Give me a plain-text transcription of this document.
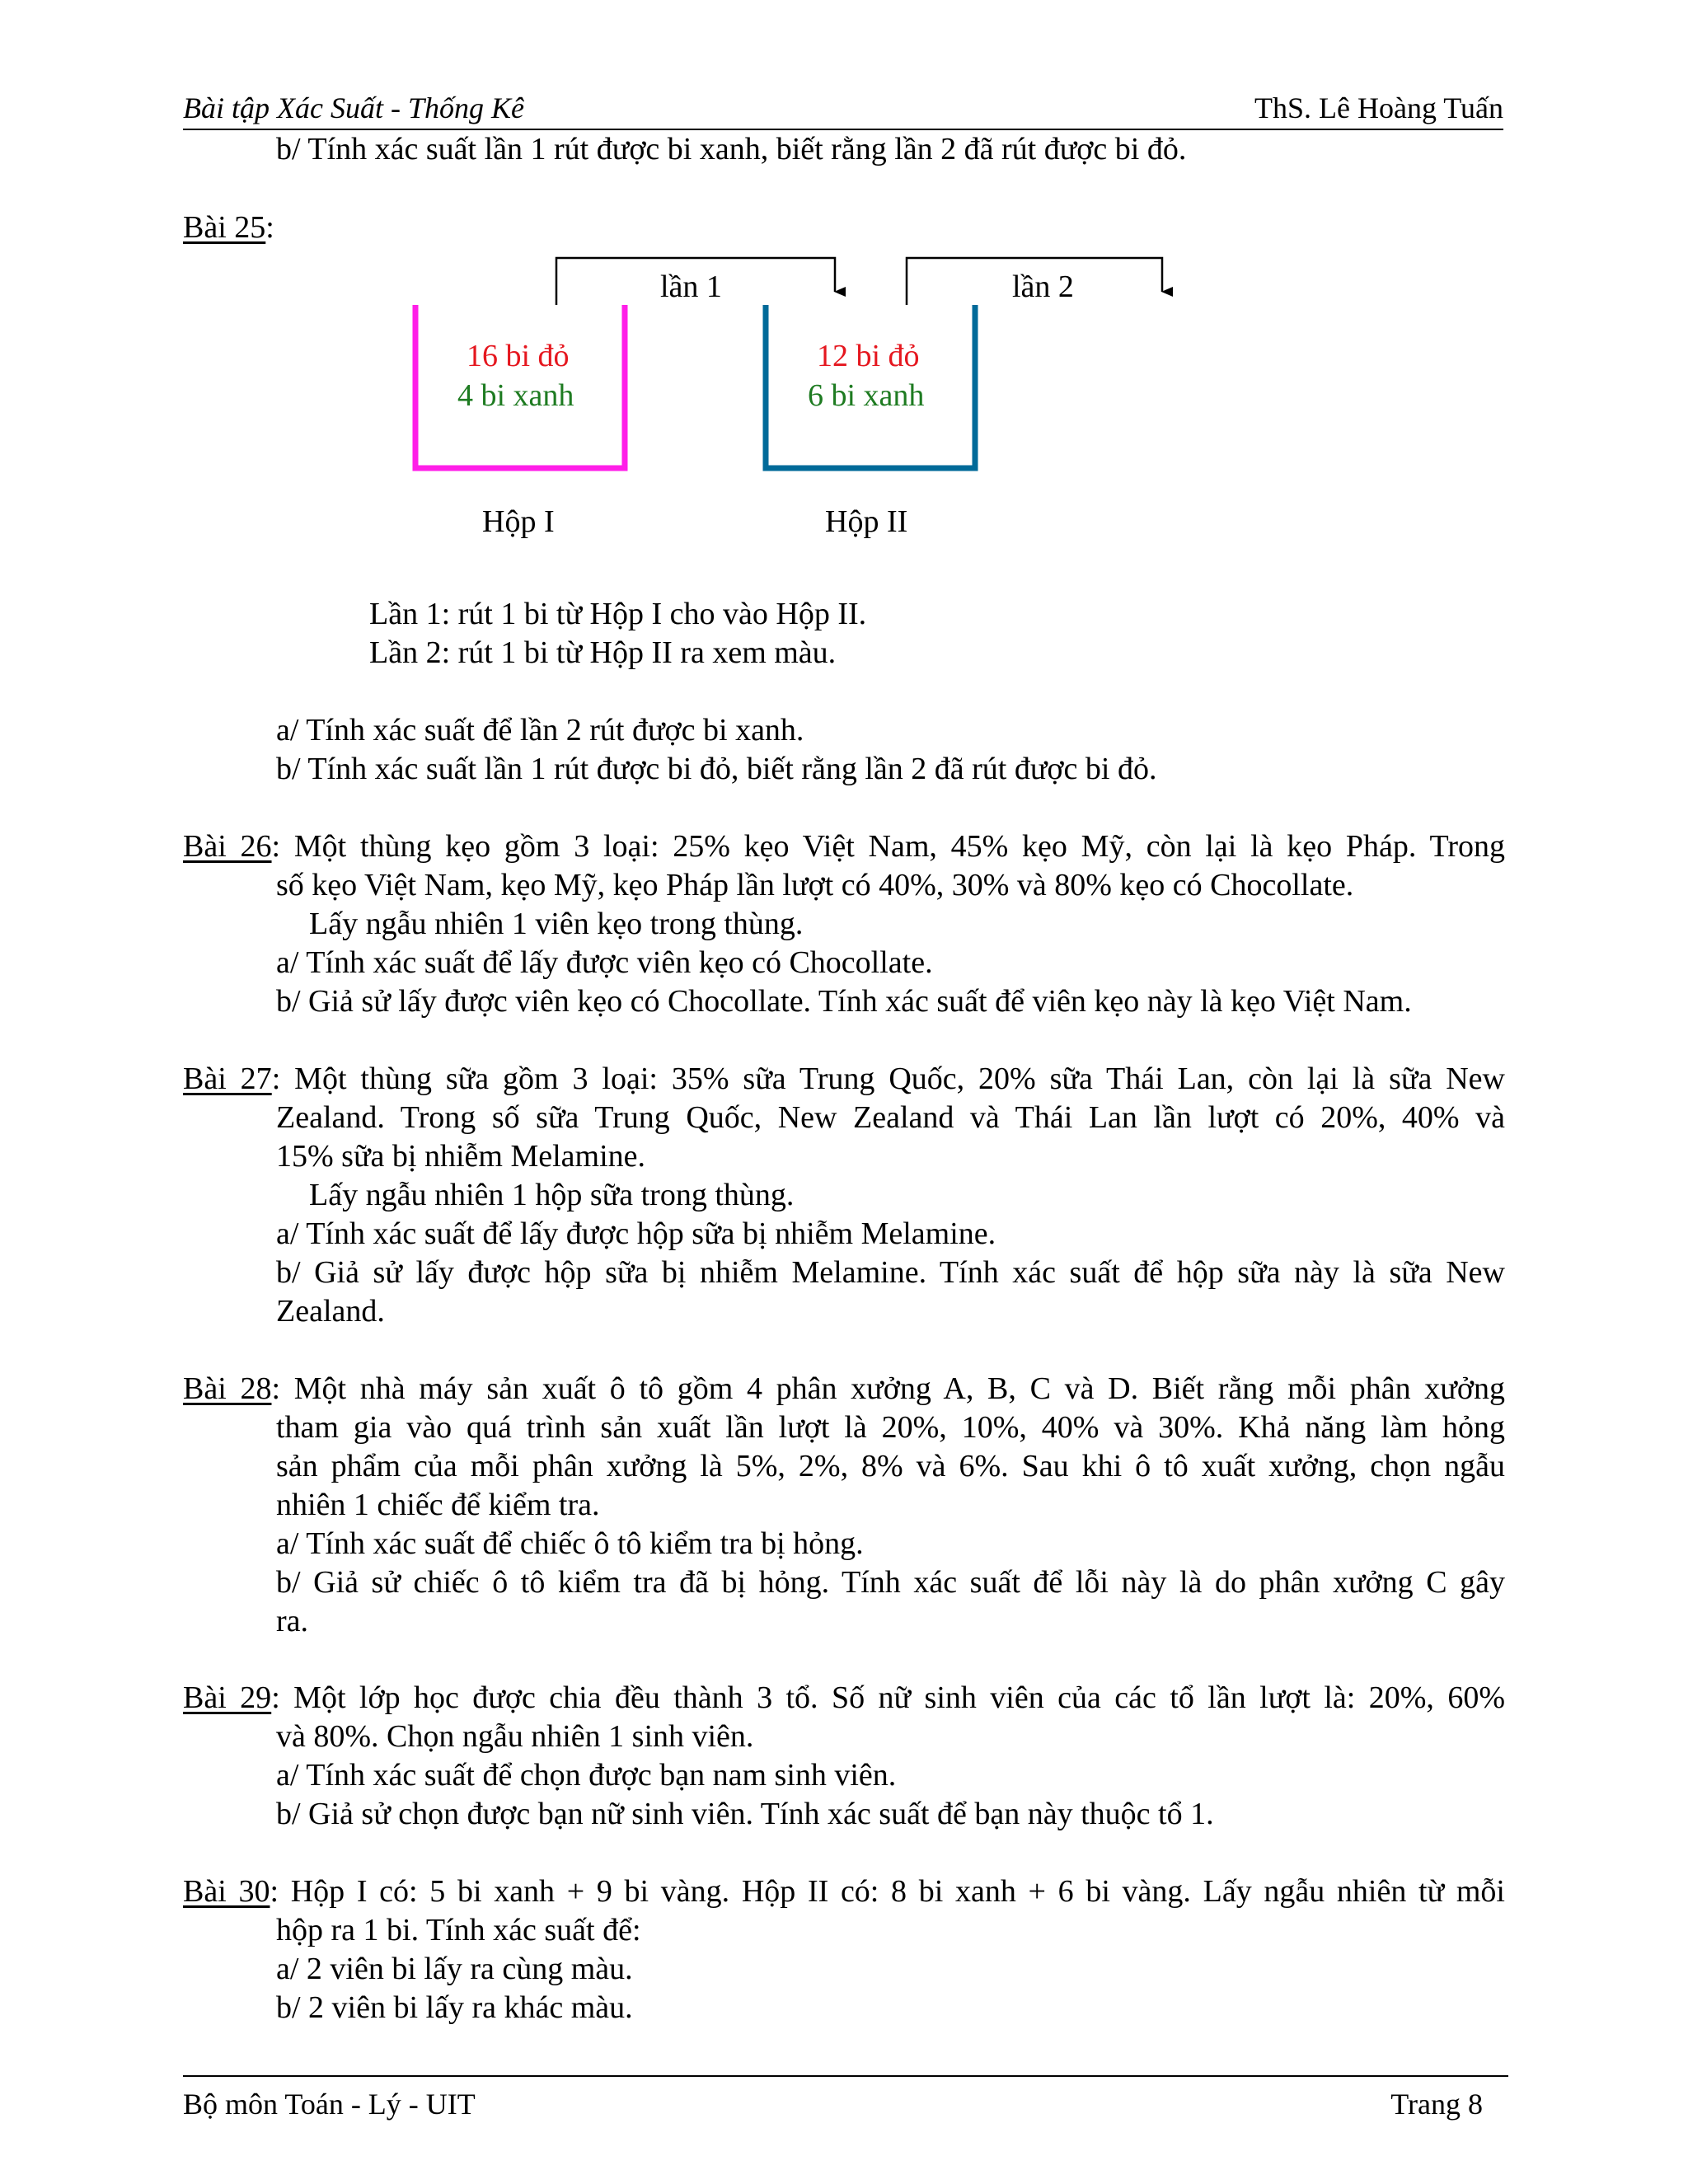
Bài tập Xác Suất - Thống Kê	ThS. Lê Hoàng Tuấn
b/ Tính xác suất lần 1 rút được bi xanh, biết rằng lần 2 đã rút được bi đỏ.
Bài 25:
lần 1	lần 2
16 bi đỏ
4 bi xanh
12 bi đỏ
6 bi xanh
Hộp I	Hộp II
Lần 1: rút 1 bi từ Hộp I cho vào Hộp II.
Lần 2: rút 1 bi từ Hộp II ra xem màu.
a/ Tính xác suất để lần 2 rút được bi xanh.
b/ Tính xác suất lần 1 rút được bi đỏ, biết rằng lần 2 đã rút được bi đỏ.
Bài 26: Một thùng kẹo gồm 3 loại: 25% kẹo Việt Nam, 45% kẹo Mỹ, còn lại là kẹo Pháp. Trong
số kẹo Việt Nam, kẹo Mỹ, kẹo Pháp lần lượt có 40%, 30% và 80% kẹo có Chocollate.
Lấy ngẫu nhiên 1 viên kẹo trong thùng.
a/ Tính xác suất để lấy được viên kẹo có Chocollate.
b/ Giả sử lấy được viên kẹo có Chocollate. Tính xác suất để viên kẹo này là kẹo Việt Nam.
Bài 27: Một thùng sữa gồm 3 loại: 35% sữa Trung Quốc, 20% sữa Thái Lan, còn lại là sữa New
Zealand. Trong số sữa Trung Quốc, New Zealand và Thái Lan lần lượt có 20%, 40% và
15% sữa bị nhiễm Melamine.
Lấy ngẫu nhiên 1 hộp sữa trong thùng.
a/ Tính xác suất để lấy được hộp sữa bị nhiễm Melamine.
b/ Giả sử lấy được hộp sữa bị nhiễm Melamine. Tính xác suất để hộp sữa này là sữa New
Zealand.
Bài 28: Một nhà máy sản xuất ô tô gồm 4 phân xưởng A, B, C và D. Biết rằng mỗi phân xưởng
tham gia vào quá trình sản xuất lần lượt là 20%, 10%, 40% và 30%. Khả năng làm hỏng
sản phẩm của mỗi phân xưởng là 5%, 2%, 8% và 6%. Sau khi ô tô xuất xưởng, chọn ngẫu
nhiên 1 chiếc để kiểm tra.
a/ Tính xác suất để chiếc ô tô kiểm tra bị hỏng.
b/ Giả sử chiếc ô tô kiểm tra đã bị hỏng. Tính xác suất để lỗi này là do phân xưởng C gây
ra.
Bài 29: Một lớp học được chia đều thành 3 tổ. Số nữ sinh viên của các tổ lần lượt là: 20%, 60%
và 80%. Chọn ngẫu nhiên 1 sinh viên.
a/ Tính xác suất để chọn được bạn nam sinh viên.
b/ Giả sử chọn được bạn nữ sinh viên. Tính xác suất để bạn này thuộc tổ 1.
Bài 30: Hộp I có: 5 bi xanh + 9 bi vàng. Hộp II có: 8 bi xanh + 6 bi vàng. Lấy ngẫu nhiên từ mỗi
hộp ra 1 bi. Tính xác suất để:
a/ 2 viên bi lấy ra cùng màu.
b/ 2 viên bi lấy ra khác màu.
Bộ môn Toán - Lý - UIT	Trang 8
